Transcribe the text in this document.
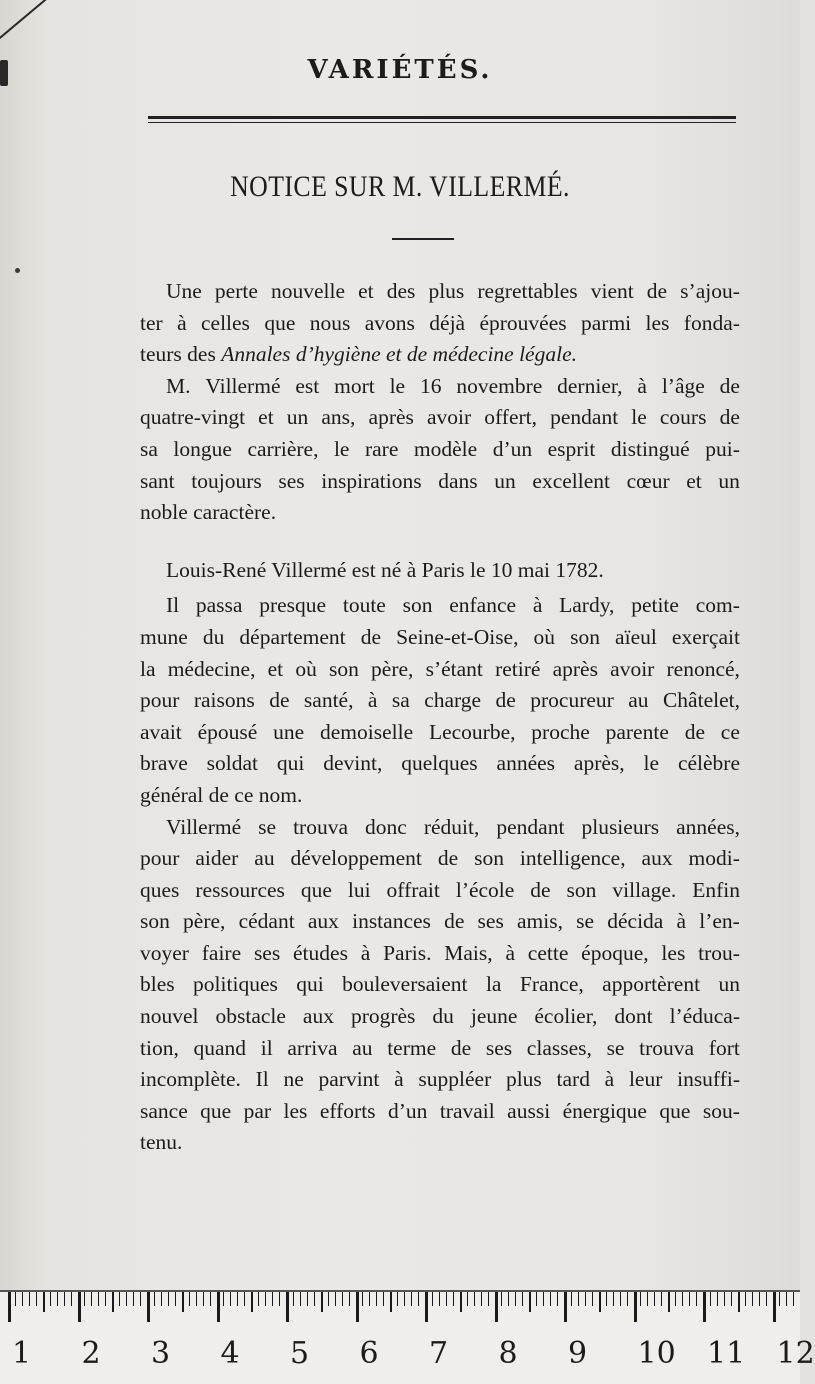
VARIÉTÉS.
NOTICE SUR M. VILLERMÉ.
Une perte nouvelle et des plus regrettables vient de s’ajou-
ter à celles que nous avons déjà éprouvées parmi les fonda-
teurs des Annales d’hygiène et de médecine légale.
M. Villermé est mort le 16 novembre dernier, à l’âge de
quatre-vingt et un ans, après avoir offert, pendant le cours de
sa longue carrière, le rare modèle d’un esprit distingué pui-
sant toujours ses inspirations dans un excellent cœur et un
noble caractère.
Louis-René Villermé est né à Paris le 10 mai 1782.
Il passa presque toute son enfance à Lardy, petite com-
mune du département de Seine-et-Oise, où son aïeul exerçait
la médecine, et où son père, s’étant retiré après avoir renoncé,
pour raisons de santé, à sa charge de procureur au Châtelet,
avait épousé une demoiselle Lecourbe, proche parente de ce
brave soldat qui devint, quelques années après, le célèbre
général de ce nom.
Villermé se trouva donc réduit, pendant plusieurs années,
pour aider au développement de son intelligence, aux modi-
ques ressources que lui offrait l’école de son village. Enfin
son père, cédant aux instances de ses amis, se décida à l’en-
voyer faire ses études à Paris. Mais, à cette époque, les trou-
bles politiques qui bouleversaient la France, apportèrent un
nouvel obstacle aux progrès du jeune écolier, dont l’éduca-
tion, quand il arriva au terme de ses classes, se trouva fort
incomplète. Il ne parvint à suppléer plus tard à leur insuffi-
sance que par les efforts d’un travail aussi énergique que sou-
tenu.
1 2 3 4 5 6 7 8 9 10 11 12
